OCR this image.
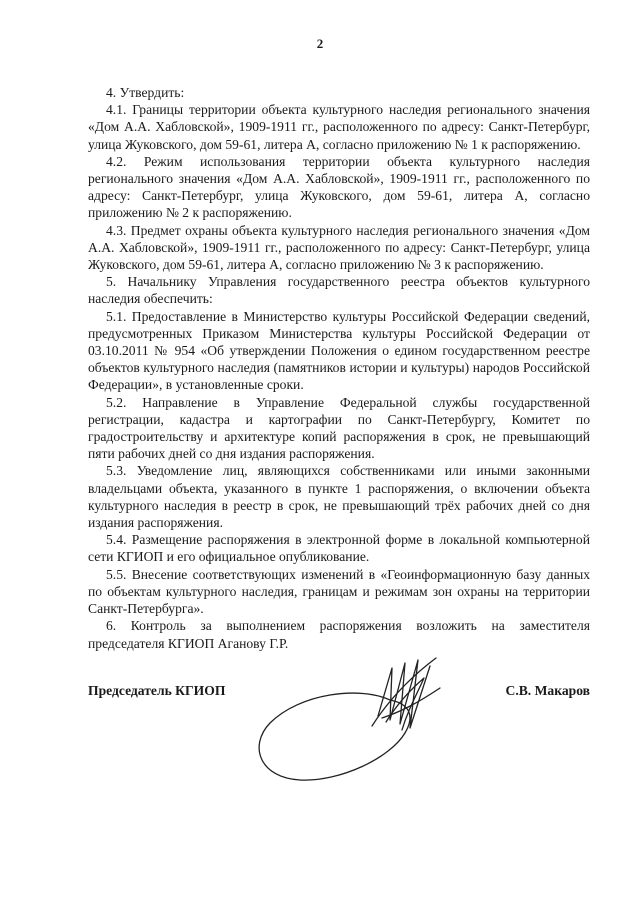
2

4. Утвердить:

4.1. Границы территории объекта культурного наследия регионального значения «Дом А.А. Хабловской», 1909-1911 гг., расположенного по адресу: Санкт-Петербург, улица Жуковского, дом 59-61, литера А, согласно приложению № 1 к распоряжению.

4.2. Режим использования территории объекта культурного наследия регионального значения «Дом А.А. Хабловской», 1909-1911 гг., расположенного по адресу: Санкт-Петербург, улица Жуковского, дом 59-61, литера А, согласно приложению № 2 к распоряжению.

4.3. Предмет охраны объекта культурного наследия регионального значения «Дом А.А. Хабловской», 1909-1911 гг., расположенного по адресу: Санкт-Петербург, улица Жуковского, дом 59-61, литера А, согласно приложению № 3 к распоряжению.

5. Начальнику Управления государственного реестра объектов культурного наследия обеспечить:

5.1. Предоставление в Министерство культуры Российской Федерации сведений, предусмотренных Приказом Министерства культуры Российской Федерации от 03.10.2011 № 954 «Об утверждении Положения о едином государственном реестре объектов культурного наследия (памятников истории и культуры) народов Российской Федерации», в установленные сроки.

5.2. Направление в Управление Федеральной службы государственной регистрации, кадастра и картографии по Санкт-Петербургу, Комитет по градостроительству и архитектуре копий распоряжения в срок, не превышающий пяти рабочих дней со дня издания распоряжения.

5.3. Уведомление лиц, являющихся собственниками или иными законными владельцами объекта, указанного в пункте 1 распоряжения, о включении объекта культурного наследия в реестр в срок, не превышающий трёх рабочих дней со дня издания распоряжения.

5.4. Размещение распоряжения в электронной форме в локальной компьютерной сети КГИОП и его официальное опубликование.

5.5. Внесение соответствующих изменений в «Геоинформационную базу данных по объектам культурного наследия, границам и режимам зон охраны на территории Санкт-Петербурга».

6. Контроль за выполнением распоряжения возложить на заместителя председателя КГИОП Аганову Г.Р.

Председатель КГИОП	С.В. Макаров
